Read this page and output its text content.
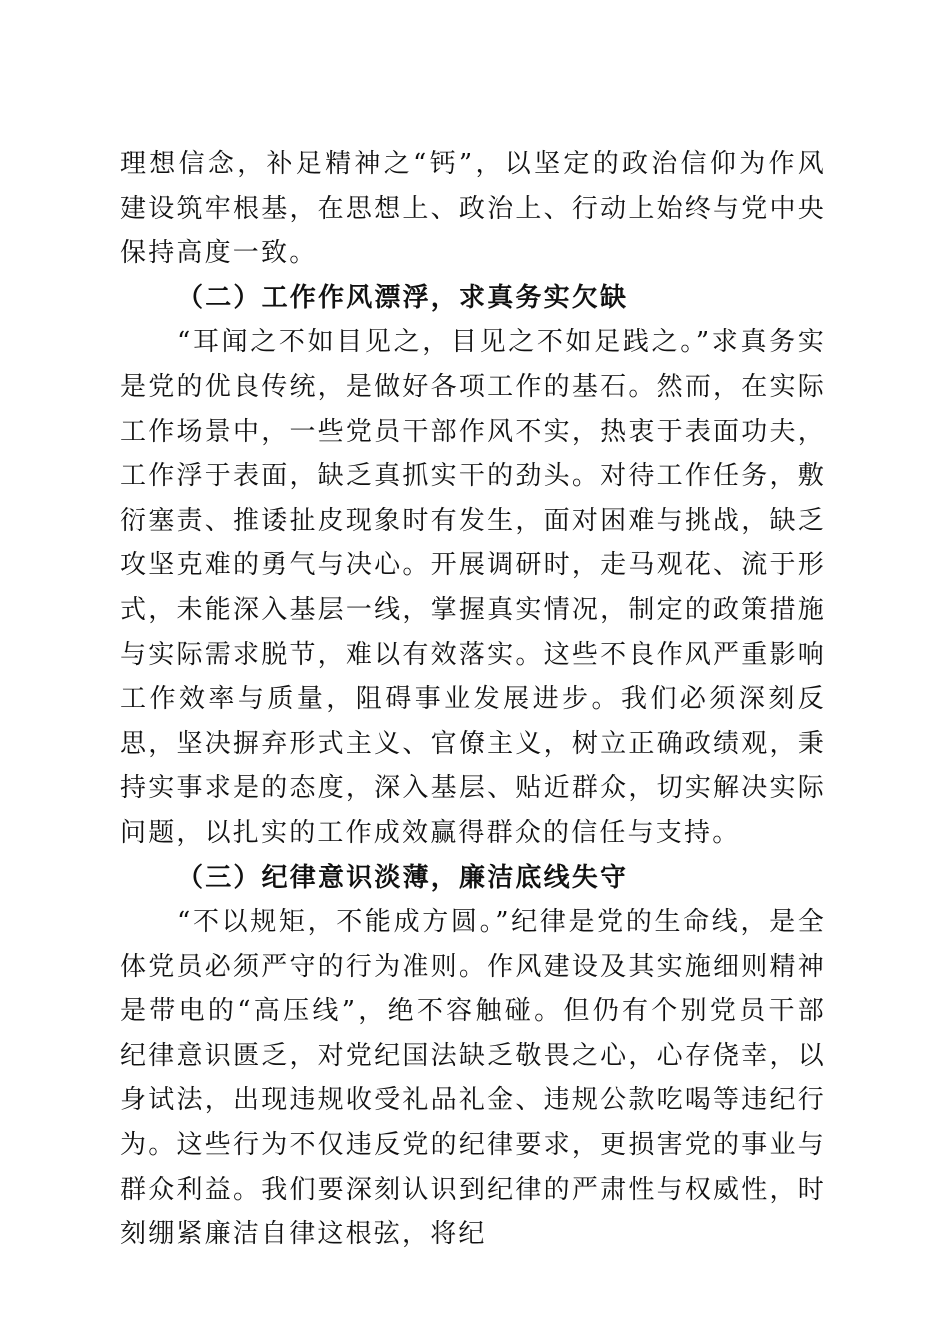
理想信念，补足精神之“钙”，以坚定的政治信仰为作风建设筑牢根基，在思想上、政治上、行动上始终与党中央保持高度一致。

（二）工作作风漂浮，求真务实欠缺

“耳闻之不如目见之，目见之不如足践之。”求真务实是党的优良传统，是做好各项工作的基石。然而，在实际工作场景中，一些党员干部作风不实，热衷于表面功夫，工作浮于表面，缺乏真抓实干的劲头。对待工作任务，敷衍塞责、推诿扯皮现象时有发生，面对困难与挑战，缺乏攻坚克难的勇气与决心。开展调研时，走马观花、流于形式，未能深入基层一线，掌握真实情况，制定的政策措施与实际需求脱节，难以有效落实。这些不良作风严重影响工作效率与质量，阻碍事业发展进步。我们必须深刻反思，坚决摒弃形式主义、官僚主义，树立正确政绩观，秉持实事求是的态度，深入基层、贴近群众，切实解决实际问题，以扎实的工作成效赢得群众的信任与支持。

（三）纪律意识淡薄，廉洁底线失守

“不以规矩，不能成方圆。”纪律是党的生命线，是全体党员必须严守的行为准则。作风建设及其实施细则精神是带电的“高压线”，绝不容触碰。但仍有个别党员干部纪律意识匮乏，对党纪国法缺乏敬畏之心，心存侥幸，以身试法，出现违规收受礼品礼金、违规公款吃喝等违纪行为。这些行为不仅违反党的纪律要求，更损害党的事业与群众利益。我们要深刻认识到纪律的严肃性与权威性，时刻绷紧廉洁自律这根弦，将纪
